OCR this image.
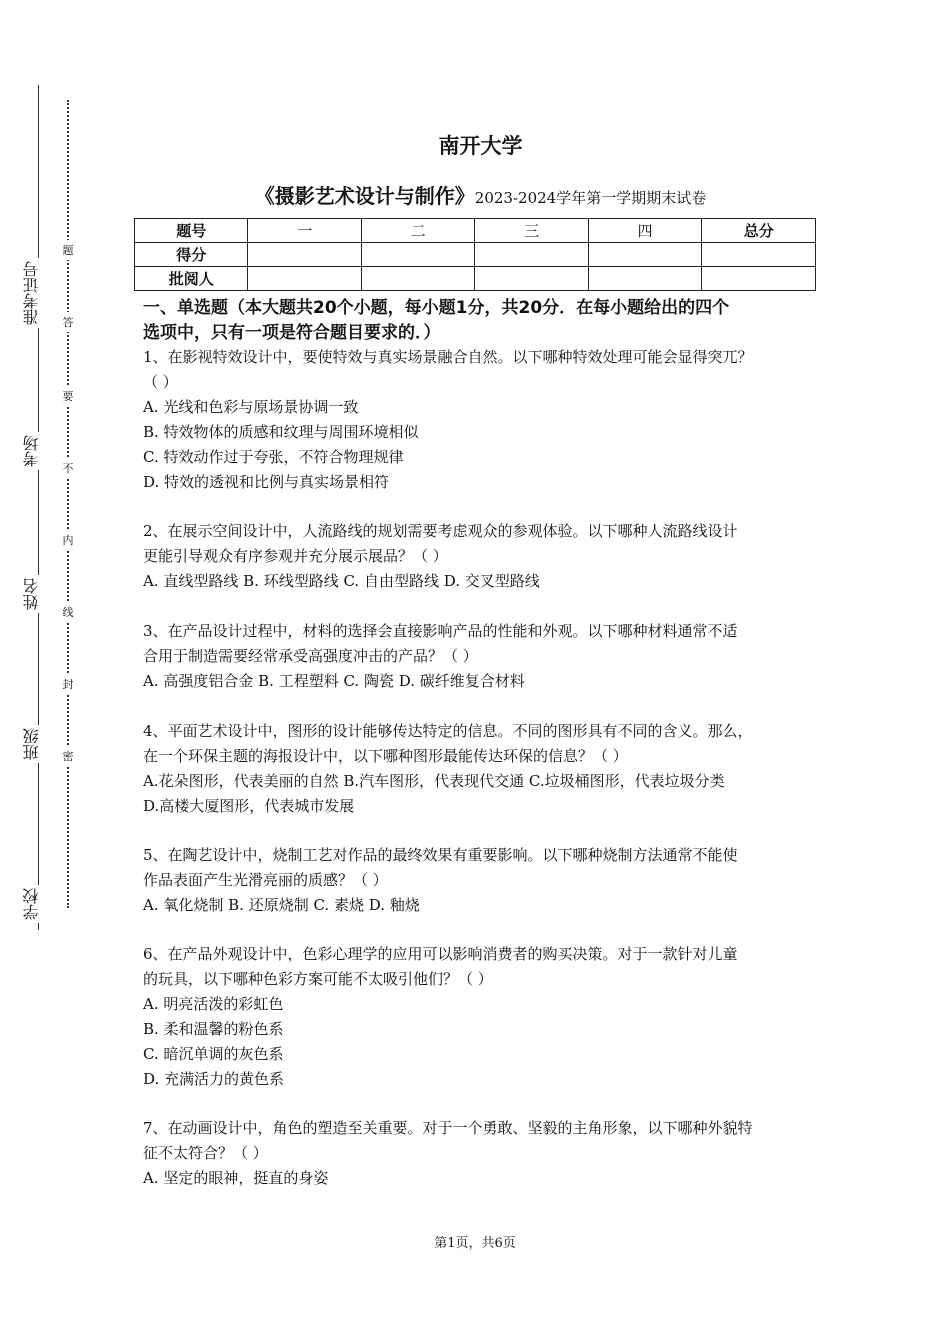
准考证号
考场
姓名
班级
学校
题
答
要
不
内
线
封
密
南开大学
《摄影艺术设计与制作》2023-2024学年第一学期期末试卷
题号	一	二	三	四	总分
得分					
批阅人					
一、单选题（本大题共20个小题，每小题1分，共20分．在每小题给出的四个
选项中，只有一项是符合题目要求的．）

1、在影视特效设计中，要使特效与真实场景融合自然。以下哪种特效处理可能会显得突兀？

（ ）

A. 光线和色彩与原场景协调一致

B. 特效物体的质感和纹理与周围环境相似

C. 特效动作过于夸张，不符合物理规律

D. 特效的透视和比例与真实场景相符

2、在展示空间设计中，人流路线的规划需要考虑观众的参观体验。以下哪种人流路线设计

更能引导观众有序参观并充分展示展品？（ ）

A. 直线型路线 B. 环线型路线 C. 自由型路线 D. 交叉型路线

3、在产品设计过程中，材料的选择会直接影响产品的性能和外观。以下哪种材料通常不适

合用于制造需要经常承受高强度冲击的产品？（ ）

A. 高强度铝合金 B. 工程塑料 C. 陶瓷 D. 碳纤维复合材料

4、平面艺术设计中，图形的设计能够传达特定的信息。不同的图形具有不同的含义。那么，

在一个环保主题的海报设计中，以下哪种图形最能传达环保的信息？（ ）

A.花朵图形，代表美丽的自然 B.汽车图形，代表现代交通 C.垃圾桶图形，代表垃圾分类

D.高楼大厦图形，代表城市发展

5、在陶艺设计中，烧制工艺对作品的最终效果有重要影响。以下哪种烧制方法通常不能使

作品表面产生光滑亮丽的质感？（ ）

A. 氧化烧制 B. 还原烧制 C. 素烧 D. 釉烧

6、在产品外观设计中，色彩心理学的应用可以影响消费者的购买决策。对于一款针对儿童

的玩具，以下哪种色彩方案可能不太吸引他们？（ ）

A. 明亮活泼的彩虹色

B. 柔和温馨的粉色系

C. 暗沉单调的灰色系

D. 充满活力的黄色系

7、在动画设计中，角色的塑造至关重要。对于一个勇敢、坚毅的主角形象，以下哪种外貌特

征不太符合？（ ）

A. 坚定的眼神，挺直的身姿

第1页，共6页
